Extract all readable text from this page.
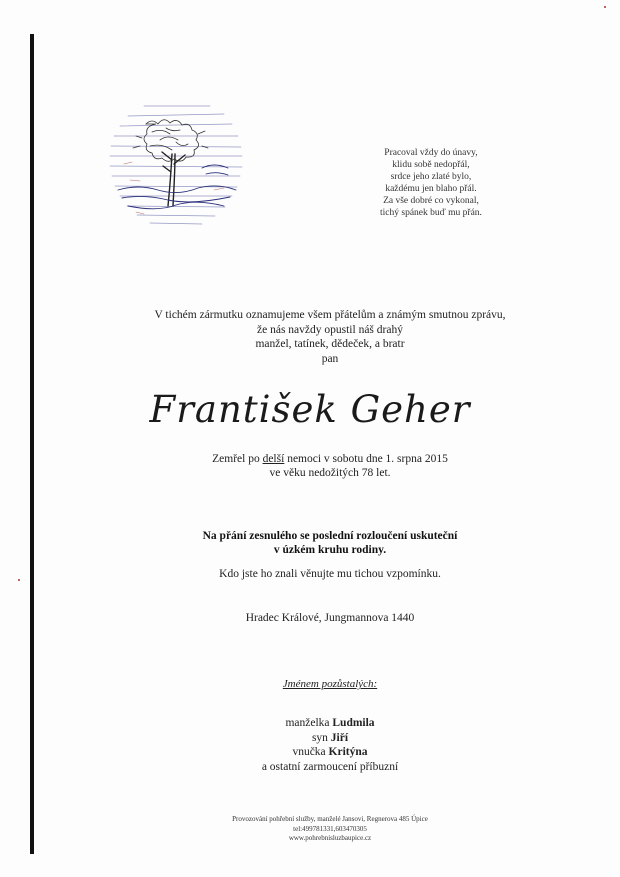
Pracoval vždy do únavy,
klidu sobě nedopřál,
srdce jeho zlaté bylo,
každému jen blaho přál.
Za vše dobré co vykonal,
tichý spánek buď mu přán.
V tichém zármutku oznamujeme všem přátelům a známým smutnou zprávu,
že nás navždy opustil náš drahý
manžel, tatínek, dědeček, a bratr
pan
František Geher
Zemřel po delší nemoci v sobotu dne 1. srpna 2015
ve věku nedožitých 78 let.
Na přání zesnulého se poslední rozloučení uskuteční
v úzkém kruhu rodiny.
Kdo jste ho znali věnujte mu tichou vzpomínku.
Hradec Králové, Jungmannova 1440
Jménem pozůstalých:
manželka Ludmila
syn Jiří
vnučka Kritýna
a ostatní zarmoucení příbuzní
Provozování pohřební služby, manželé Jansovi, Regnerova 485 Úpice
tel:499781331,603470305
www.pohrebnisluzbaupice.cz
